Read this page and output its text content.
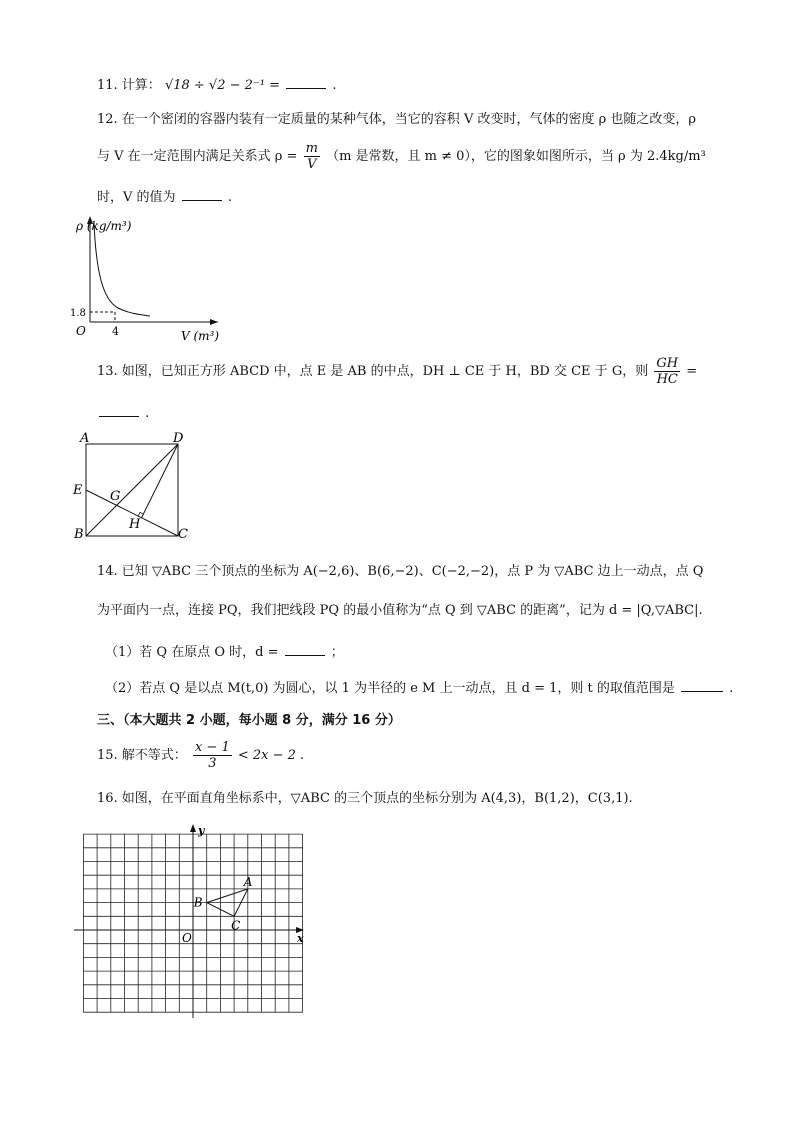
11. 计算： √18 ÷ √2 − 2⁻¹ =	.
12. 在一个密闭的容器内装有一定质量的某种气体，当它的容积 V 改变时，气体的密度 ρ 也随之改变，ρ
与 V 在一定范围内满足关系式 $\rho = \frac{m}{V} (m$ 是常数，且 m ≠ 0），它的图象如图所示，当 ρ 为 2.4kg/m³
时，V 的值为	.
ρ (kg/m³)
V (m³)
O
1.8
4
13. 如图，已知正方形 ABCD 中，点 E 是 AB 的中点，DH ⊥ CE 于 H，BD 交 CE 于 G，则 $\frac{GH}{HC}$ =
.
A	D
E
B	C
G
H
14. 已知 ▽ABC 三个顶点的坐标为 A(−2,6)、B(6,−2)、C(−2,−2)，点 P 为 ▽ABC 边上一动点，点 Q
为平面内一点，连接 PQ，我们把线段 PQ 的最小值称为“点 Q 到 ▽ABC 的距离”，记为 d = |Q,▽ABC|.
（1）若 Q 在原点 O 时，d =	；
（2）若点 Q 是以点 M(t,0) 为圆心，以 1 为半径的 e M 上一动点，且 d = 1，则 t 的取值范围是	.
三、（本大题共 2 小题，每小题 8 分，满分 16 分）
15. 解不等式： $\frac{x - 1}{3} < 2x - 2$ .
16. 如图，在平面直角坐标系中，▽ABC 的三个顶点的坐标分别为 A(4,3)，B(1,2)，C(3,1).
x
y
O
A
B
C
